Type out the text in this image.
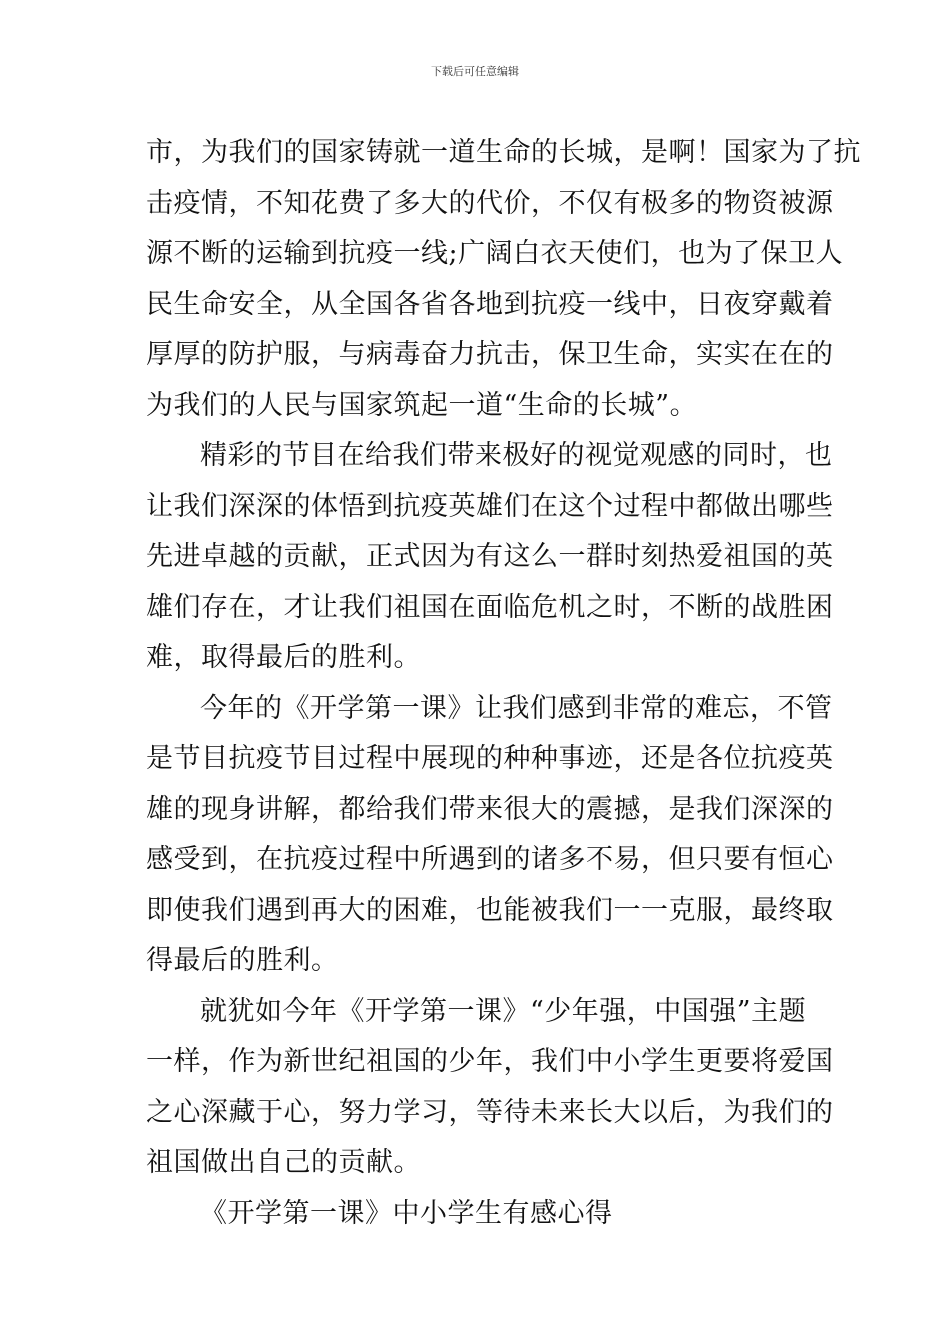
下载后可任意编辑
市，为我们的国家铸就一道生命的长城，是啊！国家为了抗
击疫情，不知花费了多大的代价，不仅有极多的物资被源
源不断的运输到抗疫一线;广阔白衣天使们，也为了保卫人
民生命安全，从全国各省各地到抗疫一线中，日夜穿戴着
厚厚的防护服，与病毒奋力抗击，保卫生命，实实在在的
为我们的人民与国家筑起一道“生命的长城”。
精彩的节目在给我们带来极好的视觉观感的同时，也
让我们深深的体悟到抗疫英雄们在这个过程中都做出哪些
先进卓越的贡献，正式因为有这么一群时刻热爱祖国的英
雄们存在，才让我们祖国在面临危机之时，不断的战胜困
难，取得最后的胜利。
今年的《开学第一课》让我们感到非常的难忘，不管
是节目抗疫节目过程中展现的种种事迹，还是各位抗疫英
雄的现身讲解，都给我们带来很大的震撼，是我们深深的
感受到，在抗疫过程中所遇到的诸多不易，但只要有恒心
即使我们遇到再大的困难，也能被我们一一克服，最终取
得最后的胜利。
就犹如今年《开学第一课》“少年强，中国强”主题
一样，作为新世纪祖国的少年，我们中小学生更要将爱国
之心深藏于心，努力学习，等待未来长大以后，为我们的
祖国做出自己的贡献。
《开学第一课》中小学生有感心得
